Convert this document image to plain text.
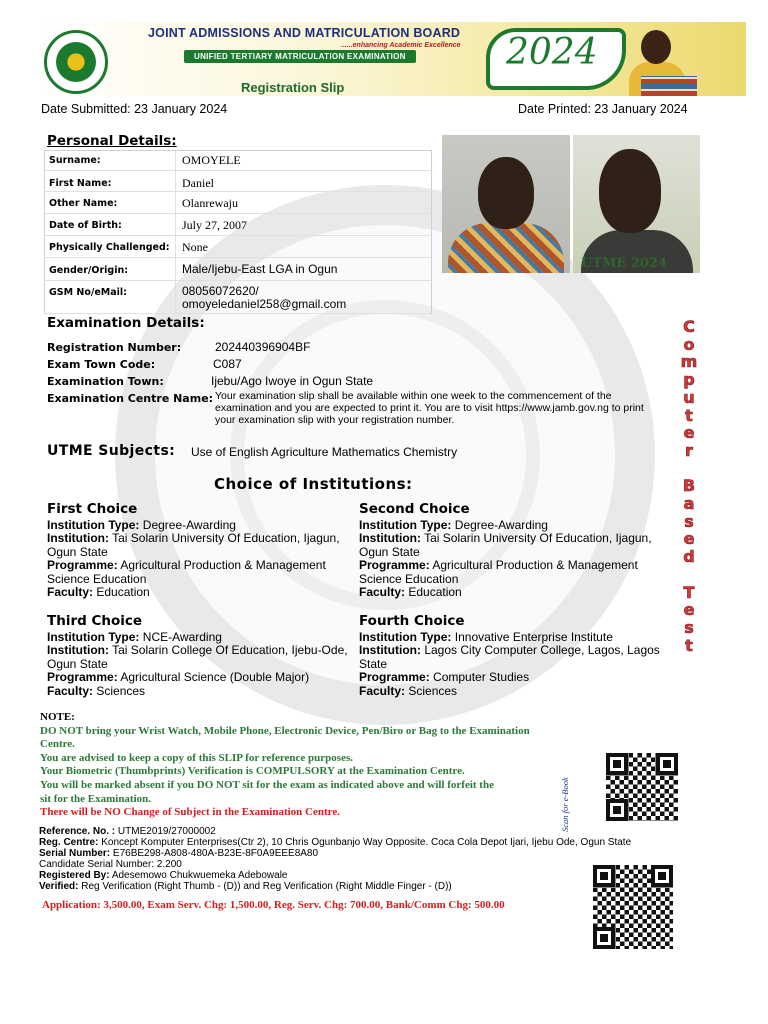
JOINT ADMISSIONS AND MATRICULATION BOARD
......enhancing Academic Excellence
UNIFIED TERTIARY MATRICULATION EXAMINATION
Registration Slip
2024
Date Submitted: 23 January 2024	Date Printed: 23 January 2024
Personal Details:
Surname:	OMOYELE
First Name:	Daniel
Other Name:	Olanrewaju
Date of Birth:	July 27, 2007
Physically Challenged:	None
Gender/Origin:	Male/Ijebu-East LGA in Ogun
GSM No/eMail:	08056072620/
omoyeledaniel258@gmail.com
UTME 2024
Examination Details:
Registration Number:	202440396904BF
Exam Town Code:	C087
Examination Town:	Ijebu/Ago Iwoye in Ogun State
Examination Centre Name: Your examination slip shall be available within one week to the commencement of the examination and you are expected to print it. You are to visit https://www.jamb.gov.ng to print your examination slip with your registration number.
UTME Subjects: Use of English Agriculture Mathematics Chemistry
Choice of Institutions:
First Choice
Institution Type: Degree-Awarding
Institution: Tai Solarin University Of Education, Ijagun, Ogun State
Programme: Agricultural Production & Management Science Education
Faculty: Education
Second Choice
Institution Type: Degree-Awarding
Institution: Tai Solarin University Of Education, Ijagun, Ogun State
Programme: Agricultural Production & Management Science Education
Faculty: Education
Third Choice
Institution Type: NCE-Awarding
Institution: Tai Solarin College Of Education, Ijebu-Ode, Ogun State
Programme: Agricultural Science (Double Major)
Faculty: Sciences
Fourth Choice
Institution Type: Innovative Enterprise Institute
Institution: Lagos City Computer College, Lagos, Lagos State
Programme: Computer Studies
Faculty: Sciences
C
o
m
p
u
t
e
r

B
a
s
e
d

T
e
s
t
NOTE:
DO NOT bring your Wrist Watch, Mobile Phone, Electronic Device, Pen/Biro or Bag to the Examination
Centre.
You are advised to keep a copy of this SLIP for reference purposes.
Your Biometric (Thumbprints) Verification is COMPULSORY at the Examination Centre.
You will be marked absent if you DO NOT sit for the exam as indicated above and will forfeit the
sit for the Examination.
There will be NO Change of Subject in the Examination Centre.	Scan for e-Book
Reference. No. : UTME2019/27000002
Reg. Centre: Koncept Komputer Enterprises(Ctr 2), 10 Chris Ogunbanjo Way Opposite. Coca Cola Depot Ijari, Ijebu Ode, Ogun State
Serial Number: E76BE298-A808-480A-B23E-8F0A9EEE8A80
Candidate Serial Number: 2.200
Registered By: Adesemowo Chukwuemeka Adebowale
Verified: Reg Verification (Right Thumb - (D)) and Reg Verification (Right Middle Finger - (D))
Application: 3,500.00, Exam Serv. Chg: 1,500.00, Reg. Serv. Chg: 700.00, Bank/Comm Chg: 500.00
